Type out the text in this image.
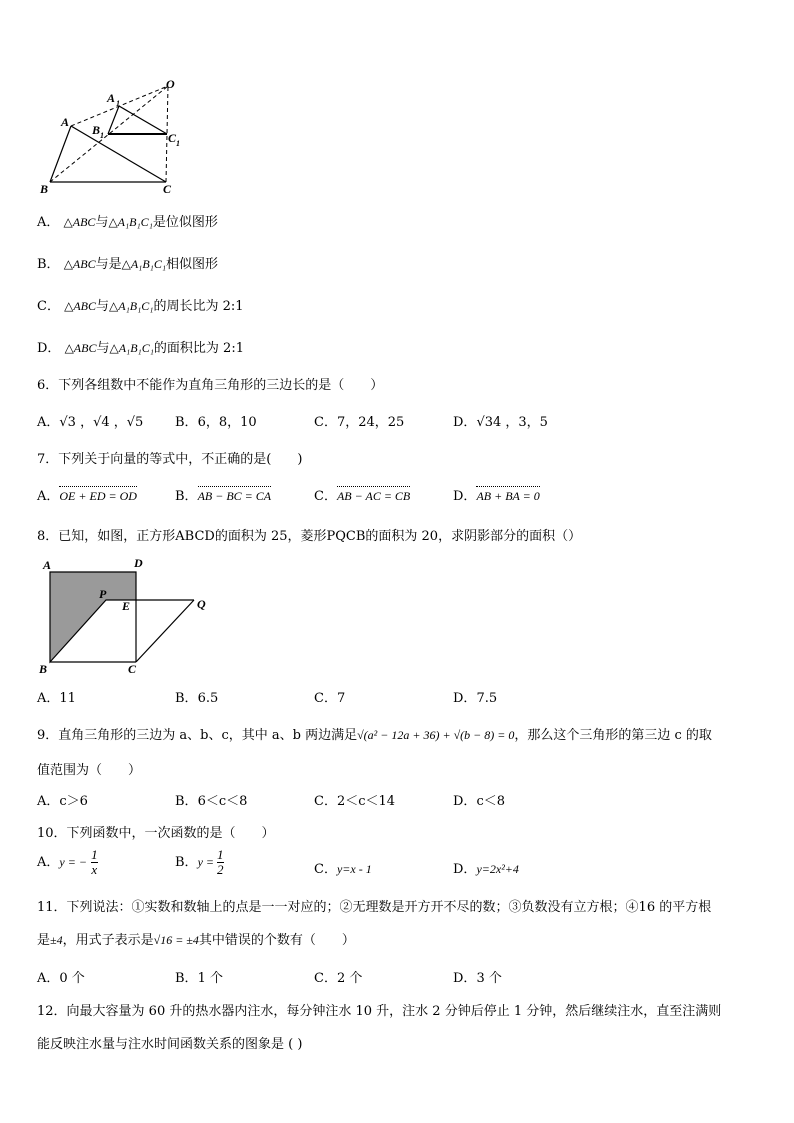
O
A 1
A
B 1	C 1
B	C
A． △ABC与△A₁B₁C₁是位似图形
B． △ABC与是△A₁B₁C₁相似图形
C． △ABC与△A₁B₁C₁的周长比为 2:1
D． △ABC与△A₁B₁C₁的面积比为 2:1
6．下列各组数中不能作为直角三角形的三边长的是（　　）
A．√3 ，√4 ，√5 B．6，8，10	C．7，24，25	D．√34 ，3，5
7．下列关于向量的等式中，不正确的是(　　)
A．OE + ED = OD	B．AB − BC = CA	C．AB − AC = CB	D．AB + BA = 0
8．已知，如图，正方形ABCD的面积为 25，菱形PQCB的面积为 20，求阴影部分的面积（）
A	D
P
E	Q
B	C
A．11	B．6.5	C．7	D．7.5
9．直角三角形的三边为 a、b、c，其中 a、b 两边满足√(a² − 12a + 36) + √(b − 8) = 0，那么这个三角形的第三边 c 的取
值范围为（　　）
A．c＞6	B．6＜c＜8	C．2＜c＜14	D．c＜8
10．下列函数中，一次函数的是（　　）
A．y = − $\frac{1}{x}$	B．$y = \frac{1}{2}$	C．y=x - 1	D．y=2x²+4
11．下列说法：①实数和数轴上的点是一一对应的；②无理数是开方开不尽的数；③负数没有立方根；④16 的平方根
是±4，用式子表示是√16 = ±4其中错误的个数有（　　）
A．0 个	B．1 个	C．2 个	D．3 个
12．向最大容量为 60 升的热水器内注水，每分钟注水 10 升，注水 2 分钟后停止 1 分钟，然后继续注水，直至注满则
能反映注水量与注水时间函数关系的图象是 ( )
